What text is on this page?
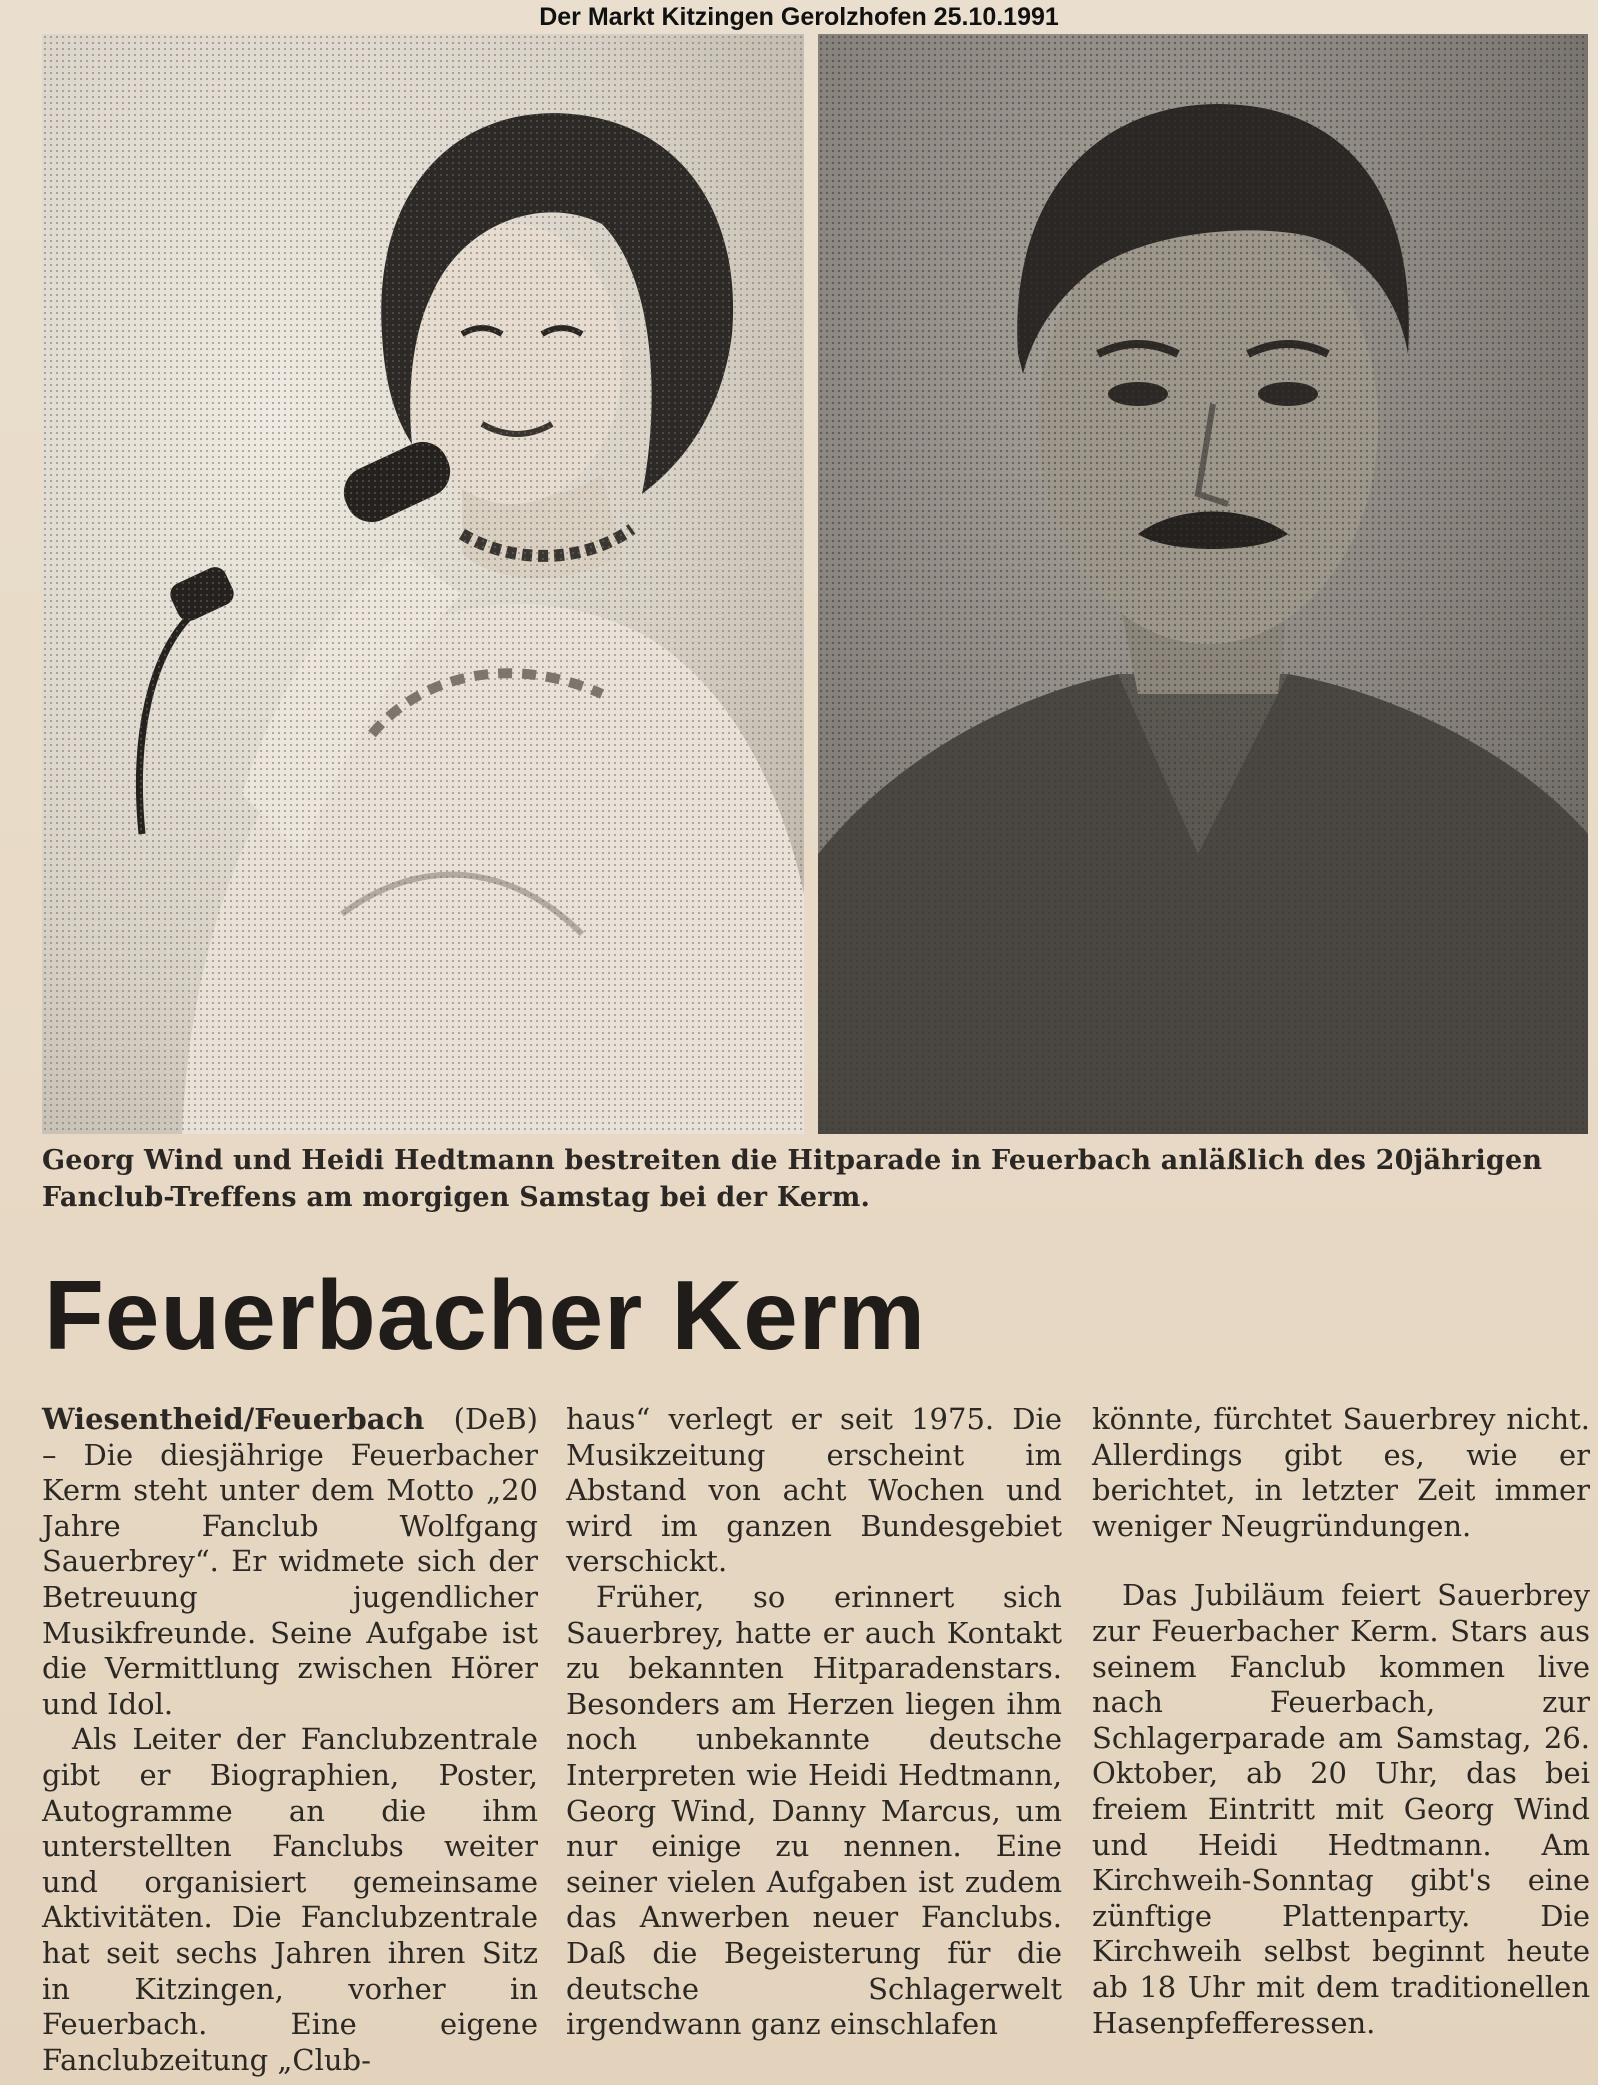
Der Markt Kitzingen Gerolzhofen 25.10.1991
Georg Wind und Heidi Hedtmann bestreiten die Hitparade in Feuerbach anläßlich des 20jährigen Fanclub-Treffens am morgigen Samstag bei der Kerm.
Feuerbacher Kerm

Wiesentheid/Feuerbach (DeB) – Die diesjährige Feuerbacher Kerm steht unter dem Motto „20 Jahre Fanclub Wolfgang Sauerbrey“. Er widmete sich der Betreuung jugendlicher Musikfreunde. Seine Aufgabe ist die Vermittlung zwischen Hörer und Idol.

Als Leiter der Fanclubzentrale gibt er Biographien, Poster, Autogramme an die ihm unterstellten Fanclubs weiter und organisiert gemeinsame Aktivitäten. Die Fanclubzentrale hat seit sechs Jahren ihren Sitz in Kitzingen, vorher in Feuerbach. Eine eigene Fanclubzeitung „Club-

haus“ verlegt er seit 1975. Die Musikzeitung erscheint im Abstand von acht Wochen und wird im ganzen Bundesgebiet verschickt.

Früher, so erinnert sich Sauerbrey, hatte er auch Kontakt zu bekannten Hitparadenstars. Besonders am Herzen liegen ihm noch unbekannte deutsche Interpreten wie Heidi Hedtmann, Georg Wind, Danny Marcus, um nur einige zu nennen. Eine seiner vielen Aufgaben ist zudem das Anwerben neuer Fanclubs. Daß die Begeisterung für die deutsche Schlagerwelt irgendwann ganz einschlafen

könnte, fürchtet Sauerbrey nicht. Allerdings gibt es, wie er berichtet, in letzter Zeit immer weniger Neugründungen.

Das Jubiläum feiert Sauerbrey zur Feuerbacher Kerm. Stars aus seinem Fanclub kommen live nach Feuerbach, zur Schlagerparade am Samstag, 26. Oktober, ab 20 Uhr, das bei freiem Eintritt mit Georg Wind und Heidi Hedtmann. Am Kirchweih-Sonntag gibt's eine zünftige Plattenparty. Die Kirchweih selbst beginnt heute ab 18 Uhr mit dem traditionellen Hasenpfefferessen.
